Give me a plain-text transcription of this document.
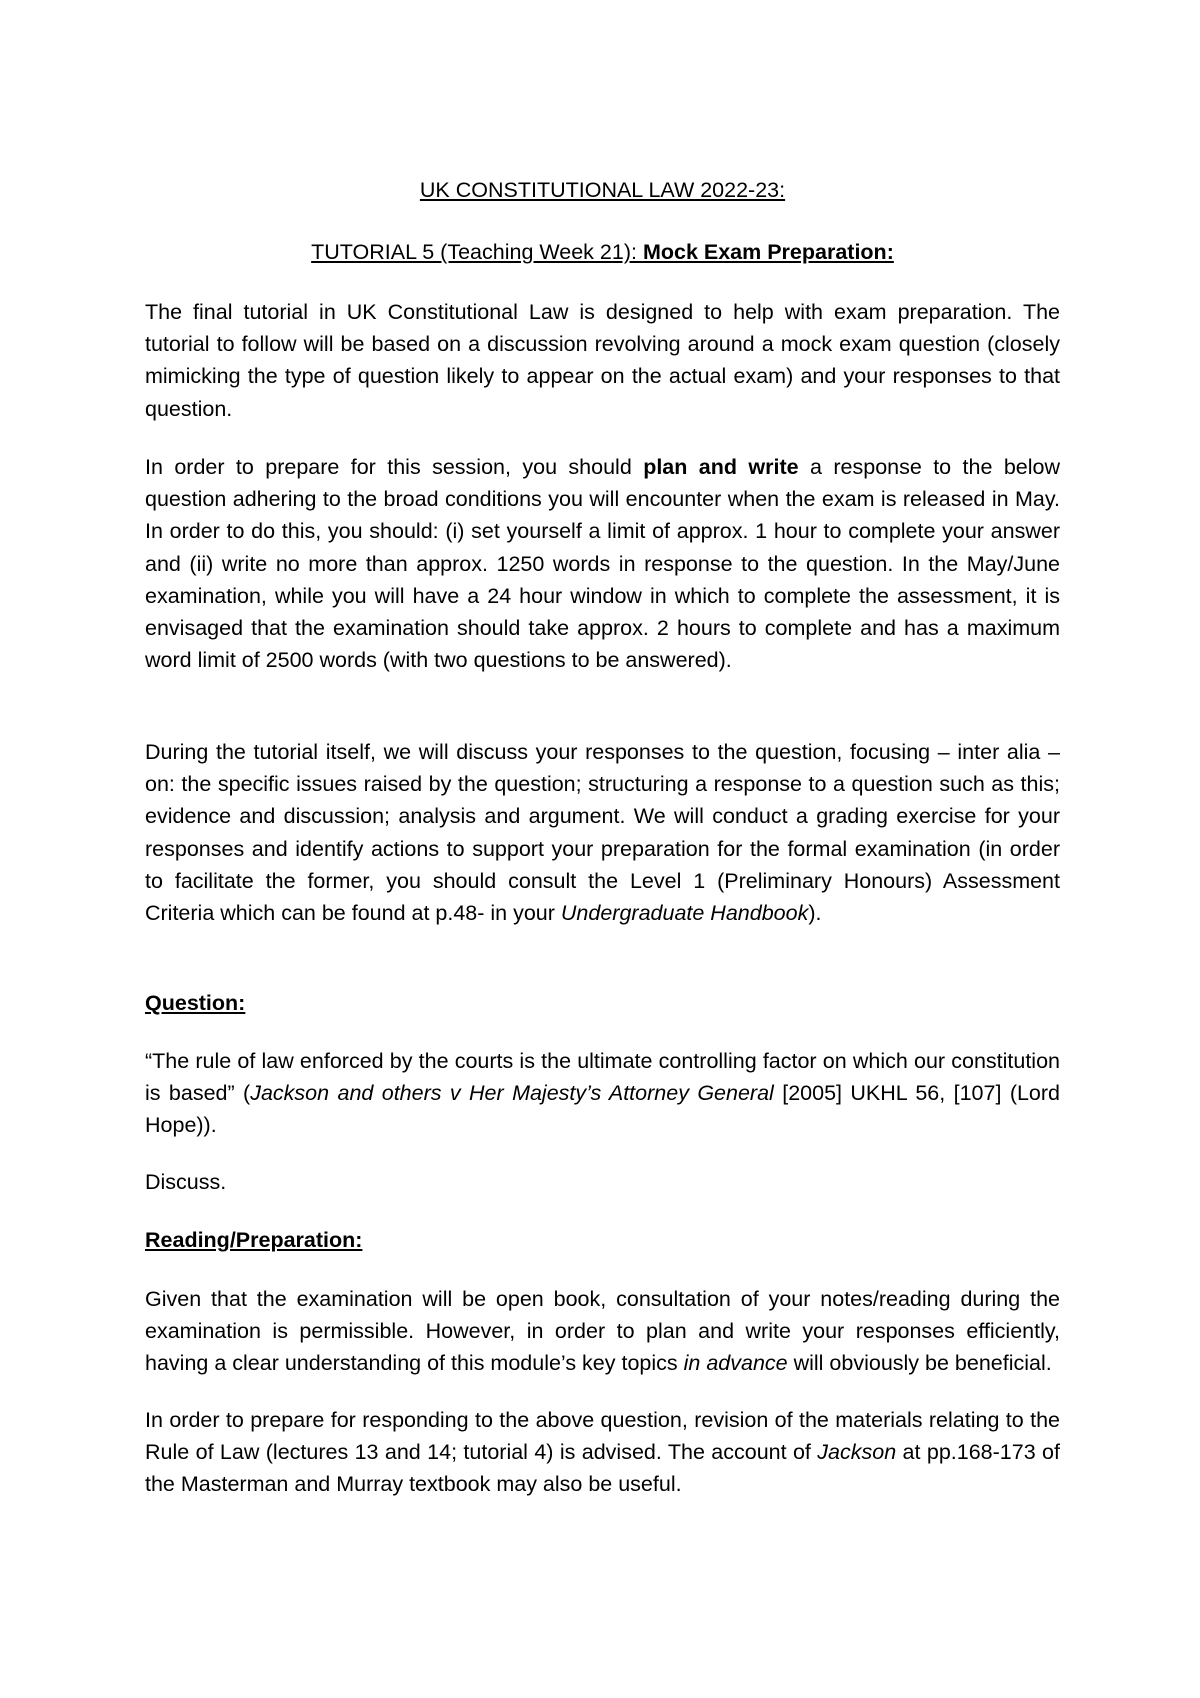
UK CONSTITUTIONAL LAW 2022-23:

TUTORIAL 5 (Teaching Week 21): Mock Exam Preparation:

The final tutorial in UK Constitutional Law is designed to help with exam preparation. The tutorial to follow will be based on a discussion revolving around a mock exam question (closely mimicking the type of question likely to appear on the actual exam) and your responses to that question.

In order to prepare for this session, you should plan and write a response to the below question adhering to the broad conditions you will encounter when the exam is released in May. In order to do this, you should: (i) set yourself a limit of approx. 1 hour to complete your answer and (ii) write no more than approx. 1250 words in response to the question. In the May/June examination, while you will have a 24 hour window in which to complete the assessment, it is envisaged that the examination should take approx. 2 hours to complete and has a maximum word limit of 2500 words (with two questions to be answered).

During the tutorial itself, we will discuss your responses to the question, focusing – inter alia – on: the specific issues raised by the question; structuring a response to a question such as this; evidence and discussion; analysis and argument. We will conduct a grading exercise for your responses and identify actions to support your preparation for the formal examination (in order to facilitate the former, you should consult the Level 1 (Preliminary Honours) Assessment Criteria which can be found at p.48- in your Undergraduate Handbook).

Question:

“The rule of law enforced by the courts is the ultimate controlling factor on which our constitution is based” (Jackson and others v Her Majesty’s Attorney General [2005] UKHL 56, [107] (Lord Hope)).

Discuss.

Reading/Preparation:

Given that the examination will be open book, consultation of your notes/reading during the examination is permissible. However, in order to plan and write your responses efficiently, having a clear understanding of this module’s key topics in advance will obviously be beneficial.

In order to prepare for responding to the above question, revision of the materials relating to the Rule of Law (lectures 13 and 14; tutorial 4) is advised. The account of Jackson at pp.168-173 of the Masterman and Murray textbook may also be useful.
